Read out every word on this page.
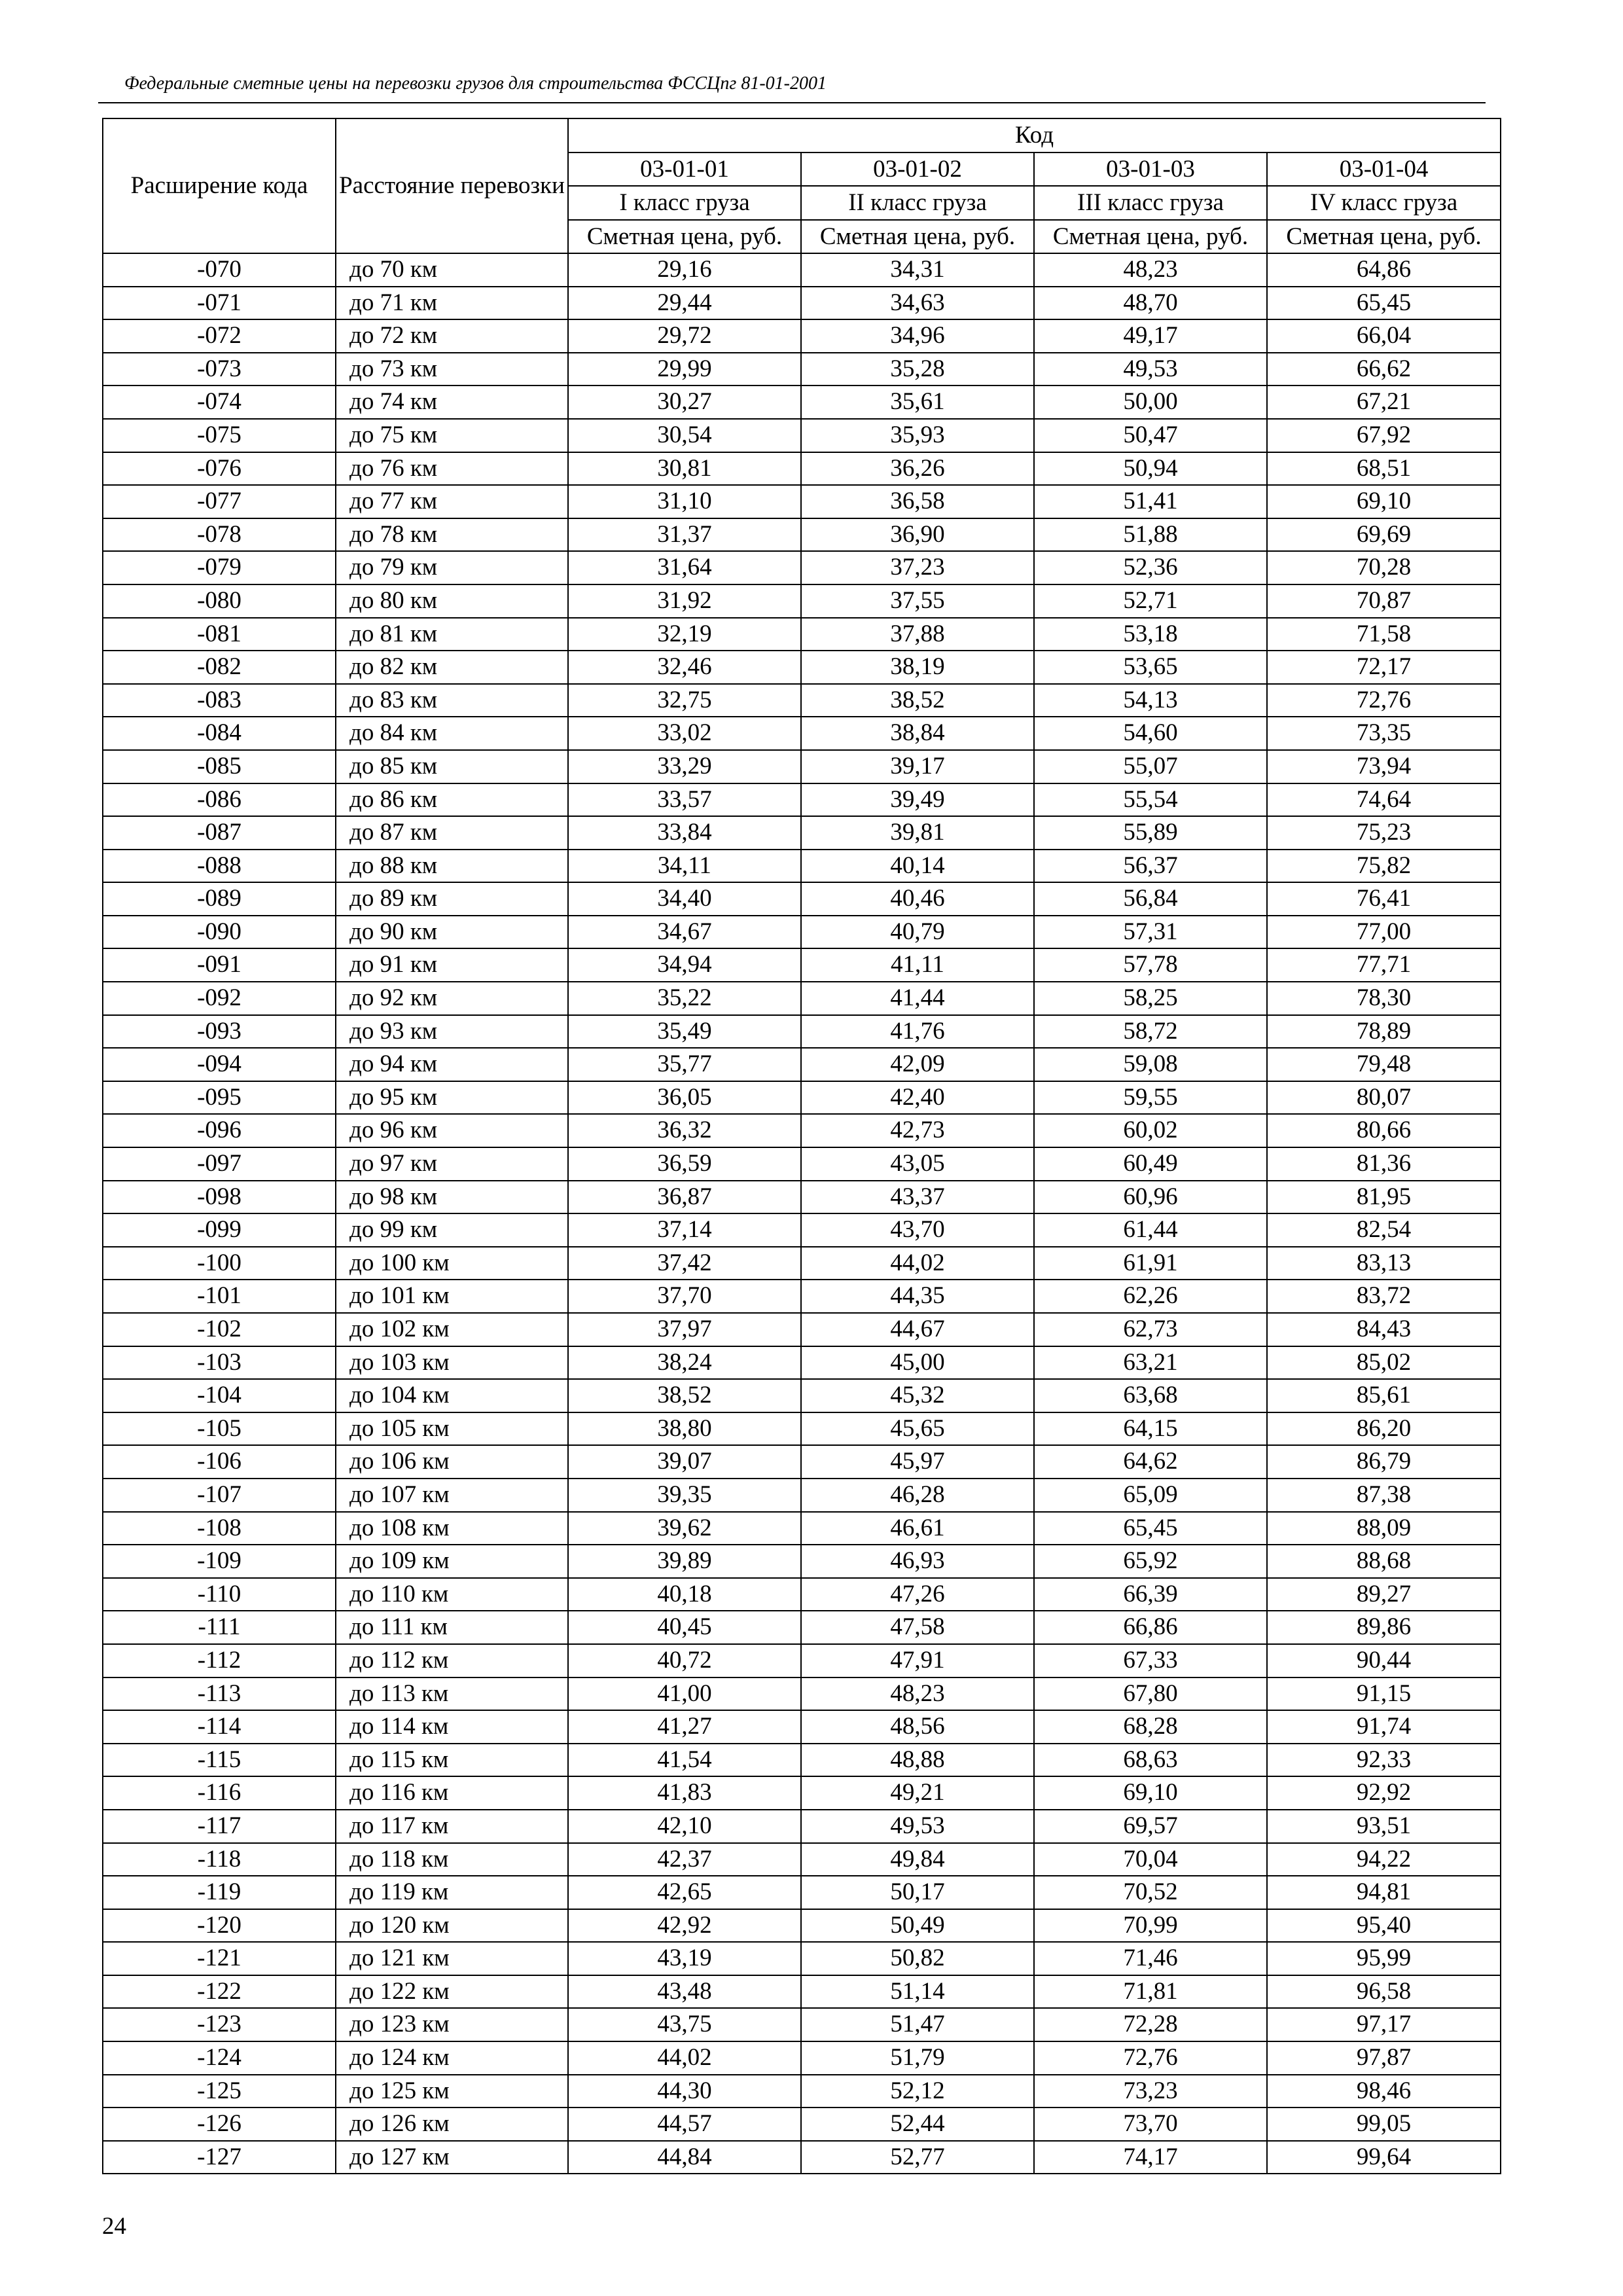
Федеральные сметные цены на перевозки грузов для строительства ФССЦпг 81-01-2001
Расширение кода	Расстояние перевозки	Код			
		03-01-01	03-01-02	03-01-03	03-01-04
		I класс груза	II класс груза	III класс груза	IV класс груза
		Сметная цена, руб.	Сметная цена, руб.	Сметная цена, руб.	Сметная цена, руб.
-070	до 70 км	29,16	34,31	48,23	64,86
-071	до 71 км	29,44	34,63	48,70	65,45
-072	до 72 км	29,72	34,96	49,17	66,04
-073	до 73 км	29,99	35,28	49,53	66,62
-074	до 74 км	30,27	35,61	50,00	67,21
-075	до 75 км	30,54	35,93	50,47	67,92
-076	до 76 км	30,81	36,26	50,94	68,51
-077	до 77 км	31,10	36,58	51,41	69,10
-078	до 78 км	31,37	36,90	51,88	69,69
-079	до 79 км	31,64	37,23	52,36	70,28
-080	до 80 км	31,92	37,55	52,71	70,87
-081	до 81 км	32,19	37,88	53,18	71,58
-082	до 82 км	32,46	38,19	53,65	72,17
-083	до 83 км	32,75	38,52	54,13	72,76
-084	до 84 км	33,02	38,84	54,60	73,35
-085	до 85 км	33,29	39,17	55,07	73,94
-086	до 86 км	33,57	39,49	55,54	74,64
-087	до 87 км	33,84	39,81	55,89	75,23
-088	до 88 км	34,11	40,14	56,37	75,82
-089	до 89 км	34,40	40,46	56,84	76,41
-090	до 90 км	34,67	40,79	57,31	77,00
-091	до 91 км	34,94	41,11	57,78	77,71
-092	до 92 км	35,22	41,44	58,25	78,30
-093	до 93 км	35,49	41,76	58,72	78,89
-094	до 94 км	35,77	42,09	59,08	79,48
-095	до 95 км	36,05	42,40	59,55	80,07
-096	до 96 км	36,32	42,73	60,02	80,66
-097	до 97 км	36,59	43,05	60,49	81,36
-098	до 98 км	36,87	43,37	60,96	81,95
-099	до 99 км	37,14	43,70	61,44	82,54
-100	до 100 км	37,42	44,02	61,91	83,13
-101	до 101 км	37,70	44,35	62,26	83,72
-102	до 102 км	37,97	44,67	62,73	84,43
-103	до 103 км	38,24	45,00	63,21	85,02
-104	до 104 км	38,52	45,32	63,68	85,61
-105	до 105 км	38,80	45,65	64,15	86,20
-106	до 106 км	39,07	45,97	64,62	86,79
-107	до 107 км	39,35	46,28	65,09	87,38
-108	до 108 км	39,62	46,61	65,45	88,09
-109	до 109 км	39,89	46,93	65,92	88,68
-110	до 110 км	40,18	47,26	66,39	89,27
-111	до 111 км	40,45	47,58	66,86	89,86
-112	до 112 км	40,72	47,91	67,33	90,44
-113	до 113 км	41,00	48,23	67,80	91,15
-114	до 114 км	41,27	48,56	68,28	91,74
-115	до 115 км	41,54	48,88	68,63	92,33
-116	до 116 км	41,83	49,21	69,10	92,92
-117	до 117 км	42,10	49,53	69,57	93,51
-118	до 118 км	42,37	49,84	70,04	94,22
-119	до 119 км	42,65	50,17	70,52	94,81
-120	до 120 км	42,92	50,49	70,99	95,40
-121	до 121 км	43,19	50,82	71,46	95,99
-122	до 122 км	43,48	51,14	71,81	96,58
-123	до 123 км	43,75	51,47	72,28	97,17
-124	до 124 км	44,02	51,79	72,76	97,87
-125	до 125 км	44,30	52,12	73,23	98,46
-126	до 126 км	44,57	52,44	73,70	99,05
-127	до 127 км	44,84	52,77	74,17	99,64
24
